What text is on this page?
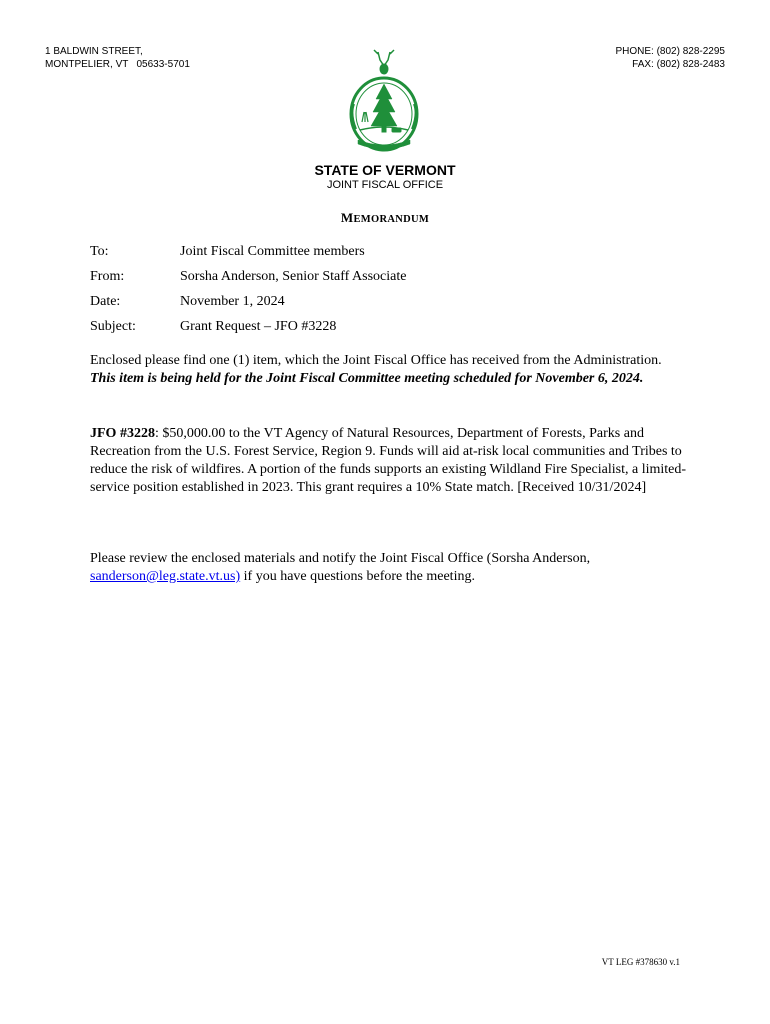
1 BALDWIN STREET,
MONTPELIER, VT   05633-5701
PHONE: (802) 828-2295
FAX: (802) 828-2483
STATE OF VERMONT
JOINT FISCAL OFFICE
MEMORANDUM
To:	Joint Fiscal Committee members
From:	Sorsha Anderson, Senior Staff Associate
Date:	November 1, 2024
Subject:	Grant Request – JFO #3228
Enclosed please find one (1) item, which the Joint Fiscal Office has received from the Administration. This item is being held for the Joint Fiscal Committee meeting scheduled for November 6, 2024.
JFO #3228: $50,000.00 to the VT Agency of Natural Resources, Department of Forests, Parks and Recreation from the U.S. Forest Service, Region 9. Funds will aid at-risk local communities and Tribes to reduce the risk of wildfires. A portion of the funds supports an existing Wildland Fire Specialist, a limited-service position established in 2023. This grant requires a 10% State match. [Received 10/31/2024]
Please review the enclosed materials and notify the Joint Fiscal Office (Sorsha Anderson, sanderson@leg.state.vt.us) if you have questions before the meeting.
VT LEG #378630 v.1
